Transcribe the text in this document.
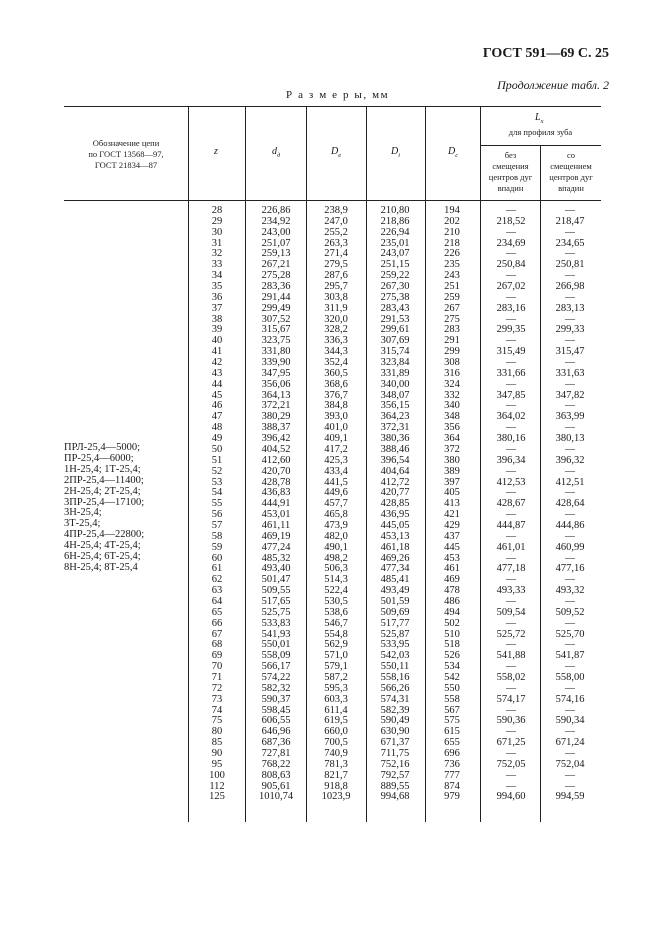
ГОСТ 591—69 С. 25
Продолжение табл. 2
Р а з м е р ы, мм
Обозначение цепи
по ГОСТ 13568—97,
ГОСТ 21834—87
z	$d_д$	$D_e$	$D_i$	$D_c$
$L_x$
для профиля зуба
без
смещения
центров дуг
впадин
со
смещением
центров дуг
впадин
ПРЛ-25,4—5000;
ПР-25,4—6000;
1Н-25,4; 1Т-25,4;
2ПР-25,4—11400;
2Н-25,4; 2Т-25,4;
3ПР-25,4—17100;
3Н-25,4;
3Т-25,4;
4ПР-25,4—22800;
4Н-25,4; 4Т-25,4;
6Н-25,4; 6Т-25,4;
8Н-25,4; 8Т-25,4
28	226,86	238,9	210,80	194	—	—
29	234,92	247,0	218,86	202	218,52	218,47
30	243,00	255,2	226,94	210	—	—
31	251,07	263,3	235,01	218	234,69	234,65
32	259,13	271,4	243,07	226	—	—
33	267,21	279,5	251,15	235	250,84	250,81
34	275,28	287,6	259,22	243	—	—
35	283,36	295,7	267,30	251	267,02	266,98
36	291,44	303,8	275,38	259	—	—
37	299,49	311,9	283,43	267	283,16	283,13
38	307,52	320,0	291,53	275	—	—
39	315,67	328,2	299,61	283	299,35	299,33
40	323,75	336,3	307,69	291	—	—
41	331,80	344,3	315,74	299	315,49	315,47
42	339,90	352,4	323,84	308	—	—
43	347,95	360,5	331,89	316	331,66	331,63
44	356,06	368,6	340,00	324	—	—
45	364,13	376,7	348,07	332	347,85	347,82
46	372,21	384,8	356,15	340	—	—
47	380,29	393,0	364,23	348	364,02	363,99
48	388,37	401,0	372,31	356	—	—
49	396,42	409,1	380,36	364	380,16	380,13
50	404,52	417,2	388,46	372	—	—
51	412,60	425,3	396,54	380	396,34	396,32
52	420,70	433,4	404,64	389	—	—
53	428,78	441,5	412,72	397	412,53	412,51
54	436,83	449,6	420,77	405	—	—
55	444,91	457,7	428,85	413	428,67	428,64
56	453,01	465,8	436,95	421	—	—
57	461,11	473,9	445,05	429	444,87	444,86
58	469,19	482,0	453,13	437	—	—
59	477,24	490,1	461,18	445	461,01	460,99
60	485,32	498,2	469,26	453	—	—
61	493,40	506,3	477,34	461	477,18	477,16
62	501,47	514,3	485,41	469	—	—
63	509,55	522,4	493,49	478	493,33	493,32
64	517,65	530,5	501,59	486	—	—
65	525,75	538,6	509,69	494	509,54	509,52
66	533,83	546,7	517,77	502	—	—
67	541,93	554,8	525,87	510	525,72	525,70
68	550,01	562,9	533,95	518	—	—
69	558,09	571,0	542,03	526	541,88	541,87
70	566,17	579,1	550,11	534	—	—
71	574,22	587,2	558,16	542	558,02	558,00
72	582,32	595,3	566,26	550	—	—
73	590,37	603,3	574,31	558	574,17	574,16
74	598,45	611,4	582,39	567	—	—
75	606,55	619,5	590,49	575	590,36	590,34
80	646,96	660,0	630,90	615	—	—
85	687,36	700,5	671,37	655	671,25	671,24
90	727,81	740,9	711,75	696	—	—
95	768,22	781,3	752,16	736	752,05	752,04
100	808,63	821,7	792,57	777	—	—
112	905,61	918,8	889,55	874	—	—
125	1010,74	1023,9	994,68	979	994,60	994,59
